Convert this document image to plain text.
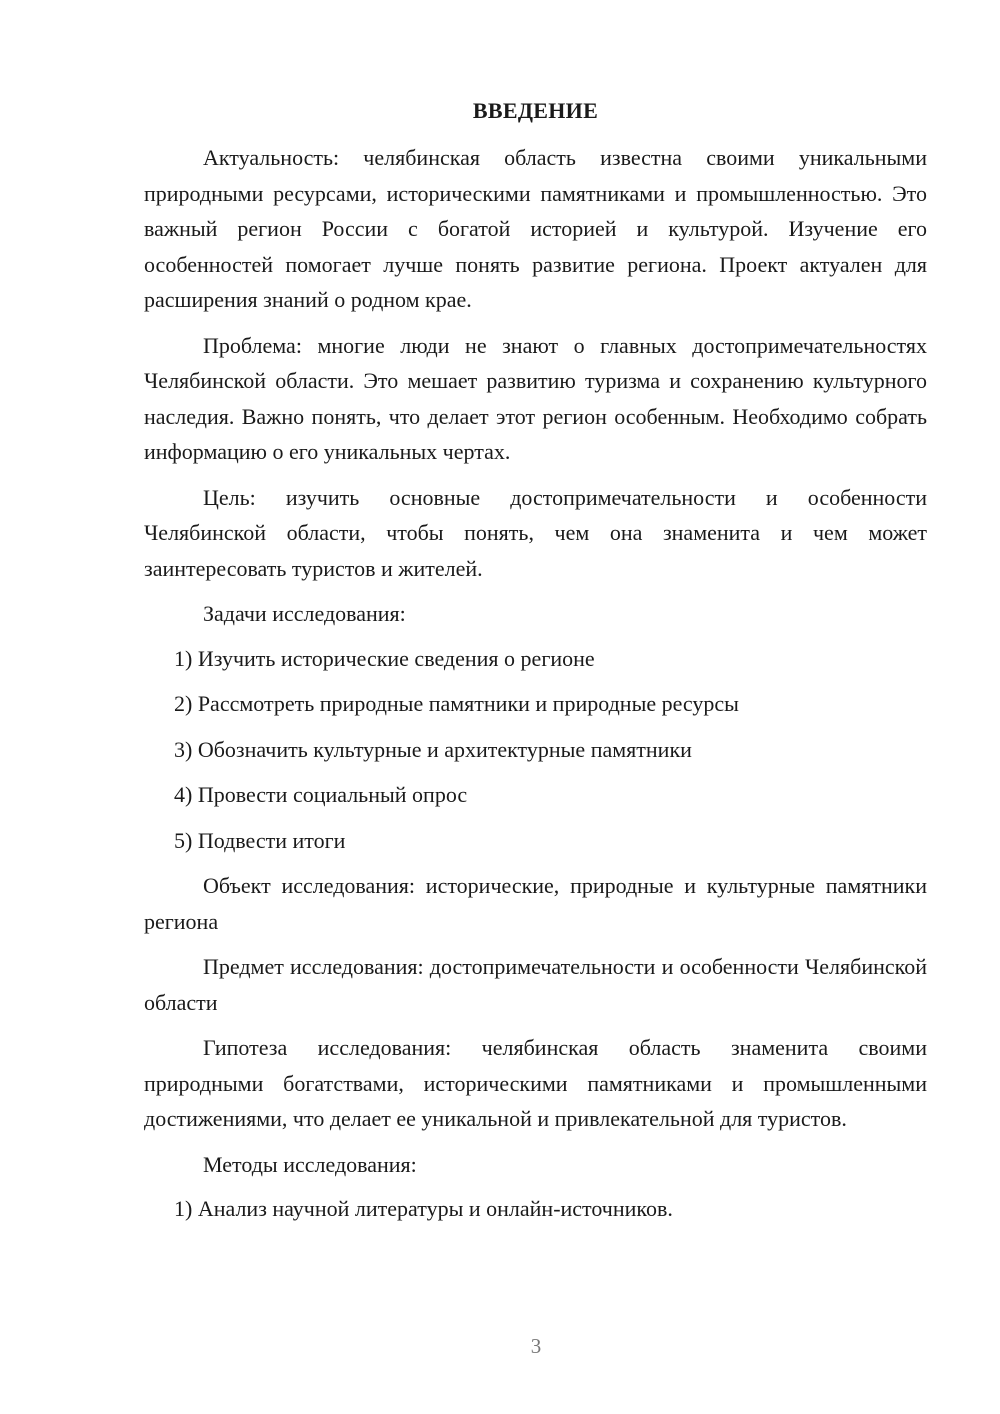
ВВЕДЕНИЕ

Актуальность: челябинская область известна своими уникальными природными ресурсами, историческими памятниками и промышленностью. Это важный регион России с богатой историей и культурой. Изучение его особенностей помогает лучше понять развитие региона. Проект актуален для расширения знаний о родном крае.

Проблема: многие люди не знают о главных достопримечательностях Челябинской области. Это мешает развитию туризма и сохранению культурного наследия. Важно понять, что делает этот регион особенным. Необходимо собрать информацию о его уникальных чертах.

Цель: изучить основные достопримечательности и особенности Челябинской области, чтобы понять, чем она знаменита и чем может заинтересовать туристов и жителей.

Задачи исследования:

1) Изучить исторические сведения о регионе
2) Рассмотреть природные памятники и природные ресурсы
3) Обозначить культурные и архитектурные памятники
4) Провести социальный опрос
5) Подвести итоги

Объект исследования: исторические, природные и культурные памятники региона

Предмет исследования: достопримечательности и особенности Челябинской области

Гипотеза исследования: челябинская область знаменита своими природными богатствами, историческими памятниками и промышленными достижениями, что делает ее уникальной и привлекательной для туристов.

Методы исследования:

1) Анализ научной литературы и онлайн-источников.
3
